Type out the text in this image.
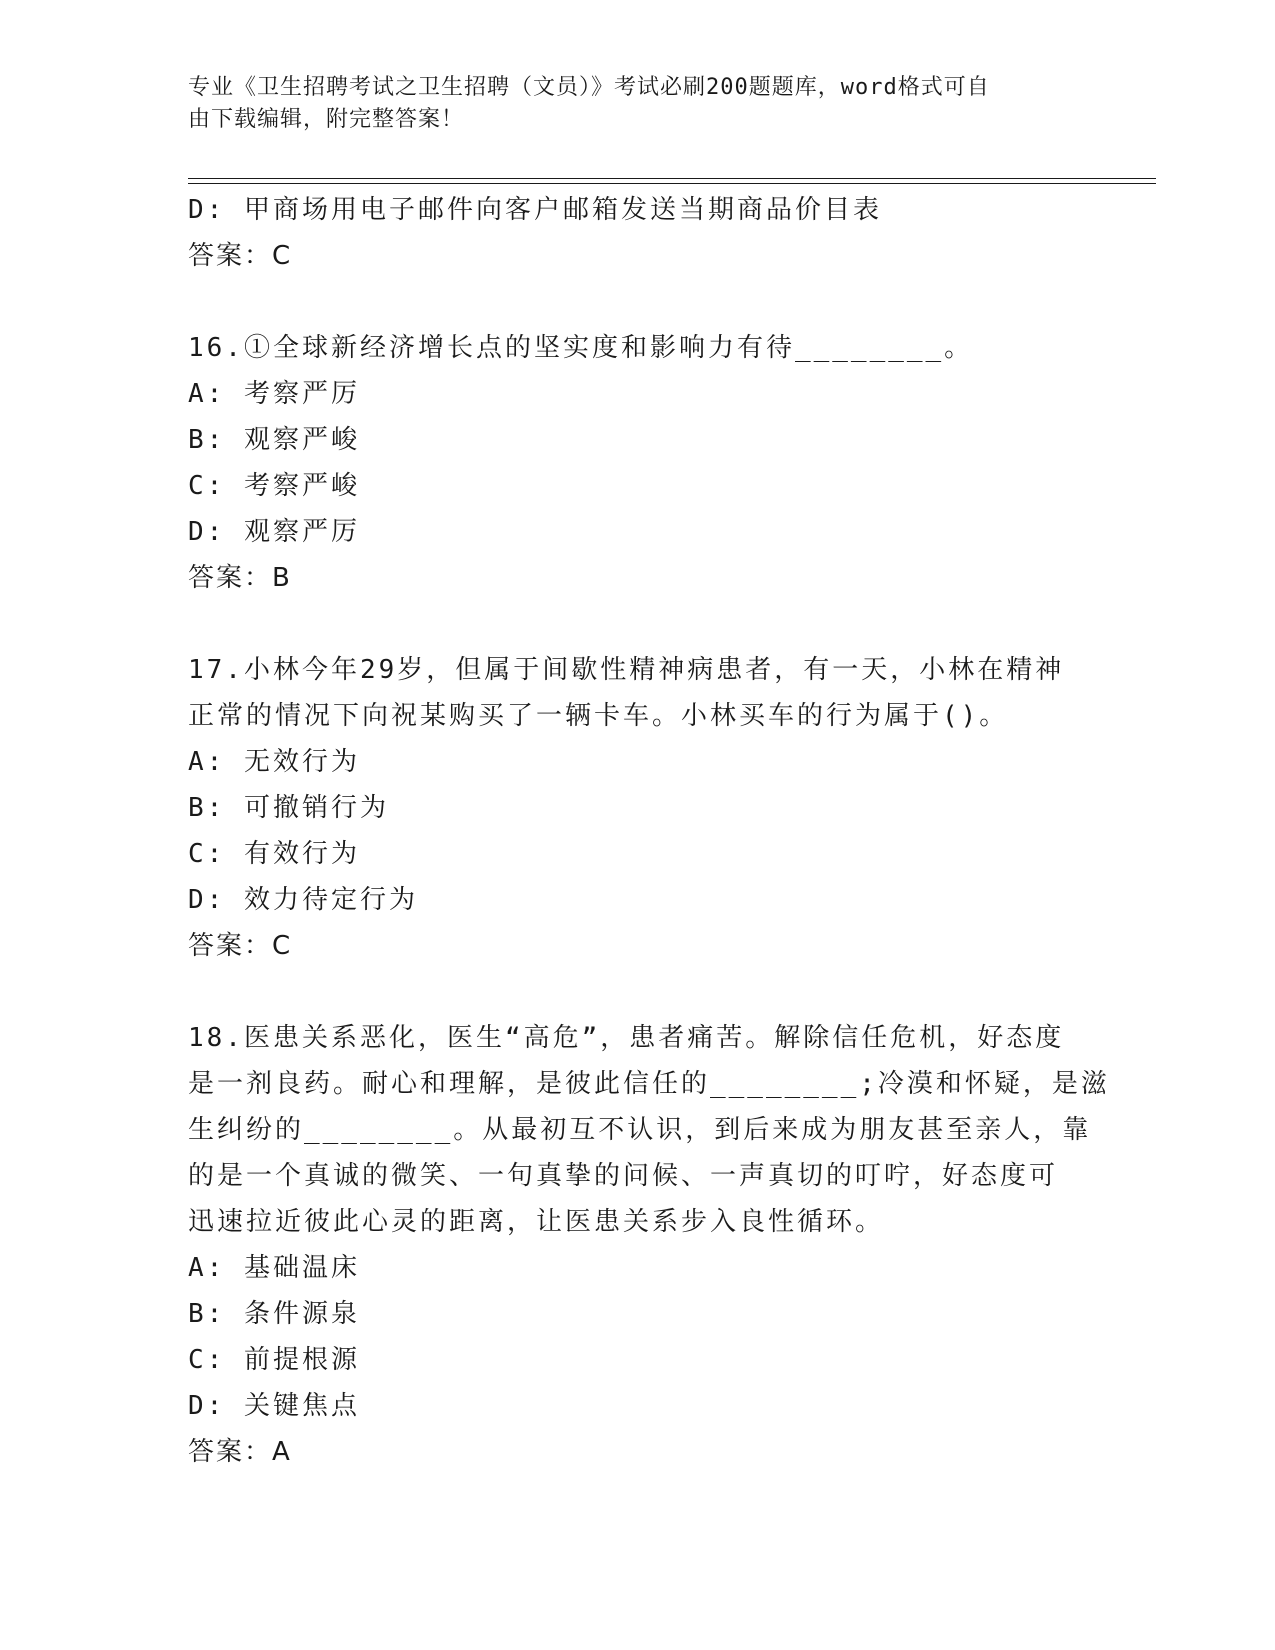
专业《卫生招聘考试之卫生招聘（文员）》考试必刷200题题库，word格式可自
由下载编辑，附完整答案！
D: 甲商场用电子邮件向客户邮箱发送当期商品价目表
答案：C
16.①全球新经济增长点的坚实度和影响力有待________。
A: 考察严厉
B: 观察严峻
C: 考察严峻
D: 观察严厉
答案：B
17.小林今年29岁，但属于间歇性精神病患者，有一天，小林在精神
正常的情况下向祝某购买了一辆卡车。小林买车的行为属于()。
A: 无效行为
B: 可撤销行为
C: 有效行为
D: 效力待定行为
答案：C
18.医患关系恶化，医生“高危”，患者痛苦。解除信任危机，好态度
是一剂良药。耐心和理解，是彼此信任的________;冷漠和怀疑，是滋
生纠纷的________。从最初互不认识，到后来成为朋友甚至亲人，靠
的是一个真诚的微笑、一句真挚的问候、一声真切的叮咛，好态度可
迅速拉近彼此心灵的距离，让医患关系步入良性循环。
A: 基础温床
B: 条件源泉
C: 前提根源
D: 关键焦点
答案：A
